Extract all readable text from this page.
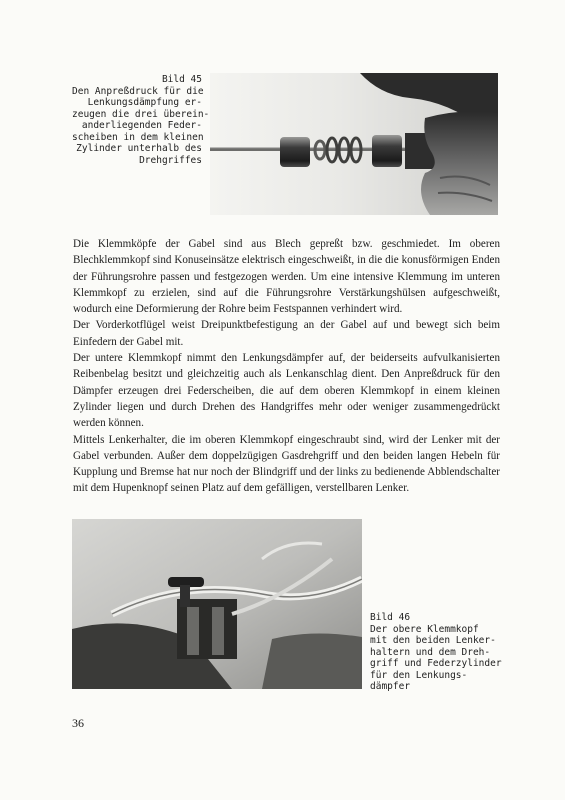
Bild 45
Den Anpreßdruck für die
Lenkungsdämpfung er-
zeugen die drei überein-
anderliegenden Feder-
scheiben in dem kleinen
Zylinder unterhalb des
Drehgriffes

Die Klemmköpfe der Gabel sind aus Blech gepreßt bzw. geschmiedet. Im oberen Blechklemmkopf sind Konuseinsätze elektrisch eingeschweißt, in die die konusförmigen Enden der Führungsrohre passen und festgezogen werden. Um eine intensive Klemmung im unteren Klemmkopf zu erzielen, sind auf die Führungsrohre Verstärkungshülsen aufgeschweißt, wodurch eine Deformierung der Rohre beim Festspannen verhindert wird.

Der Vorderkotflügel weist Dreipunktbefestigung an der Gabel auf und bewegt sich beim Einfedern der Gabel mit.

Der untere Klemmkopf nimmt den Lenkungsdämpfer auf, der beiderseits aufvulkanisierten Reibenbelag besitzt und gleichzeitig auch als Lenkanschlag dient. Den Anpreßdruck für den Dämpfer erzeugen drei Federscheiben, die auf dem oberen Klemmkopf in einem kleinen Zylinder liegen und durch Drehen des Handgriffes mehr oder weniger zusammengedrückt werden können.

Mittels Lenkerhalter, die im oberen Klemmkopf eingeschraubt sind, wird der Lenker mit der Gabel verbunden. Außer dem doppelzügigen Gasdrehgriff und den beiden langen Hebeln für Kupplung und Bremse hat nur noch der Blindgriff und der links zu bedienende Abblendschalter mit dem Hupenknopf seinen Platz auf dem gefälligen, verstellbaren Lenker.

Bild 46
Der obere Klemmkopf
mit den beiden Lenker-
haltern und dem Dreh-
griff und Federzylinder
für den Lenkungs-
dämpfer
36
